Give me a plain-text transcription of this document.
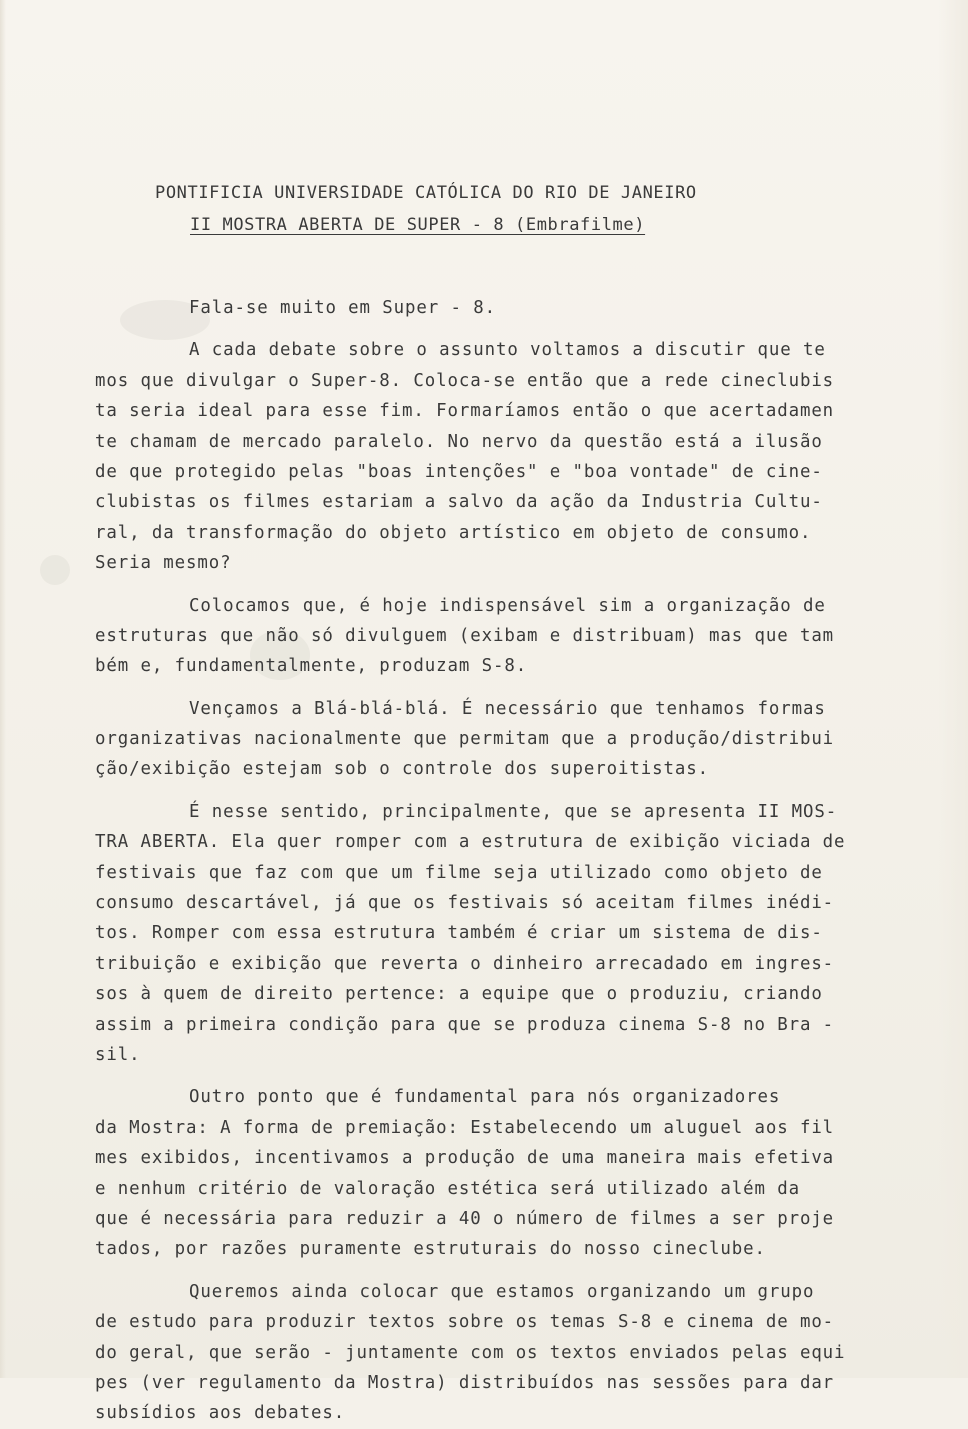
PONTIFICIA UNIVERSIDADE CATÓLICA DO RIO DE JANEIRO
II MOSTRA ABERTA DE SUPER - 8 (Embrafilme)
Fala-se muito em Super - 8.
A cada debate sobre o assunto voltamos a discutir que te
mos que divulgar o Super-8. Coloca-se então que a rede cineclubis
ta seria ideal para esse fim. Formaríamos então o que acertadamen
te chamam de mercado paralelo. No nervo da questão está a ilusão
de que protegido pelas "boas intenções" e "boa vontade" de cine-
clubistas os filmes estariam a salvo da ação da Industria Cultu-
ral, da transformação do objeto artístico em objeto de consumo.
Seria mesmo?
Colocamos que, é hoje indispensável sim a organização de
estruturas que não só divulguem (exibam e distribuam) mas que tam
bém e, fundamentalmente, produzam S-8.
Vençamos a Blá-blá-blá. É necessário que tenhamos formas
organizativas nacionalmente que permitam que a produção/distribui
ção/exibição estejam sob o controle dos superoitistas.
É nesse sentido, principalmente, que se apresenta II MOS-
TRA ABERTA. Ela quer romper com a estrutura de exibição viciada de
festivais que faz com que um filme seja utilizado como objeto de
consumo descartável, já que os festivais só aceitam filmes inédi-
tos. Romper com essa estrutura também é criar um sistema de dis-
tribuição e exibição que reverta o dinheiro arrecadado em ingres-
sos à quem de direito pertence: a equipe que o produziu, criando
assim a primeira condição para que se produza cinema S-8 no Bra -
sil.
Outro ponto que é fundamental para nós organizadores
da Mostra: A forma de premiação: Estabelecendo um aluguel aos fil
mes exibidos, incentivamos a produção de uma maneira mais efetiva
e nenhum critério de valoração estética será utilizado além da
que é necessária para reduzir a 40 o número de filmes a ser proje
tados, por razões puramente estruturais do nosso cineclube.
Queremos ainda colocar que estamos organizando um grupo
de estudo para produzir textos sobre os temas S-8 e cinema de mo-
do geral, que serão - juntamente com os textos enviados pelas equi
pes (ver regulamento da Mostra) distribuídos nas sessões para dar
subsídios aos debates.
